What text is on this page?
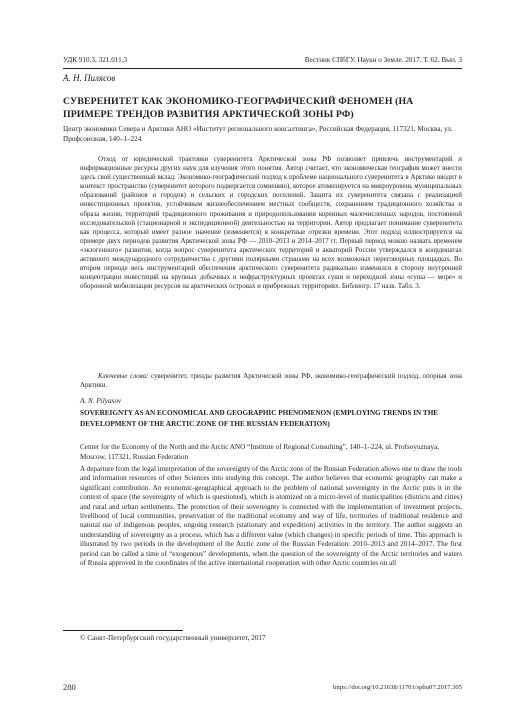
УДК 910.3, 321.011.3	Вестник СПбГУ. Науки о Земле. 2017. Т. 62. Вып. 3
А. Н. Пилясов
СУВЕРЕНИТЕТ КАК ЭКОНОМИКО-ГЕОГРАФИЧЕСКИЙ ФЕНОМЕН (НА ПРИМЕРЕ ТРЕНДОВ РАЗВИТИЯ АРКТИЧЕСКОЙ ЗОНЫ РФ)
Центр экономики Севера и Арктики АНО «Институт регионального консалтинга», Российская Федерация, 117321, Москва, ул. Профсоюзная, 140–1–224

Отход от юридической трактовки суверенитета Арктической зоны РФ позволяет привлечь инструментарий и информационные ресурсы других наук для изучения этого понятия. Автор считает, что экономическая география может внести здесь свой существенный вклад. Экономико-географический подход к проблеме национального суверенитета в Арктике вводит в контекст пространство (суверенитет которого подвергается сомнению), которое атомизируется на микроуровень муниципальных образований (районов и городов) и сельских и городских поселений. Защита их суверенитета связана с реализацией инвестиционных проектов, устойчивым жизнеобеспечением местных сообществ, сохранением традиционного хозяйства и образа жизни, территорий традиционного проживания и природопользования коренных малочисленных народов, постоянной исследовательской (стационарной и экспедиционной) деятельностью на территории. Автор предлагает понимание суверенитета как процесса, который имеет разное значение (изменяется) в конкретные отрезки времени. Этот подход иллюстрируется на примере двух периодов развития Арктической зоны РФ — 2010–2013 и 2014–2017 гг. Первый период можно назвать временем «экзогенного» развития, когда вопрос суверенитета арктических территорий и акваторий России утверждался в координатах активного международного сотрудничества с другими полярными странами на всех возможных переговорных площадках. Во втором периоде весь инструментарий обеспечения арктического суверенитета радикально изменился в сторону внутренней концентрации инвестиций на крупных добычных и инфраструктурных проектах суши и переходной зоны «суша — море» и оборонной мобилизации ресурсов на арктических островах и прибрежных территориях. Библиогр. 17 назв. Табл. 3.

Ключевые слова: суверенитет, тренды развития Арктической зоны РФ, экономико-географический подход, опорная зона Арктики.
A. N. Pilyasov
SOVEREIGNTY AS AN ECONOMICAL AND GEOGRAPHIC PHENOMENON (EMPLOYING TRENDS IN THE DEVELOPMENT OF THE ARCTIC ZONE OF THE RUSSIAN FEDERATION)
Center for the Economy of the North and the Arctic ANO “Institute of Regional Consulting”, 140–1–224, ul. Profsoyuznaya, Moscow, 117321, Russian Federation

A departure from the legal interpretation of the sovereignty of the Arctic zone of the Russian Federation allows one to draw the tools and information resources of other Sciences into studying this concept. The author believes that economic geography can make a significant contribution. An economic-geographical approach to the problem of national sovereignty in the Arctic puts it in the context of space (the sovereignty of which is questioned), which is atomized on a micro-level of municipalities (districts and cities) and rural and urban settlements. The protection of their sovereignty is connected with the implementation of investment projects, livelihood of local communities, preservation of the traditional economy and way of life, territories of traditional residence and natural use of indigenous peoples, ongoing research (stationary and expedition) activities in the territory. The author suggests an understanding of sovereignty as a process, which has a different value (which changes) in specific periods of time. This approach is illustrated by two periods in the development of the Arctic zone of the Russian Federation: 2010–2013 and 2014–2017. The first period can be called a time of “exogenous” developments, when the question of the sovereignty of the Arctic territories and waters of Russia approved in the coordinates of the active international cooperation with other Arctic countries on all

© Санкт-Петербургский государственный университет, 2017
280	https://doi.org/10.21638/11701/spbu07.2017.305
